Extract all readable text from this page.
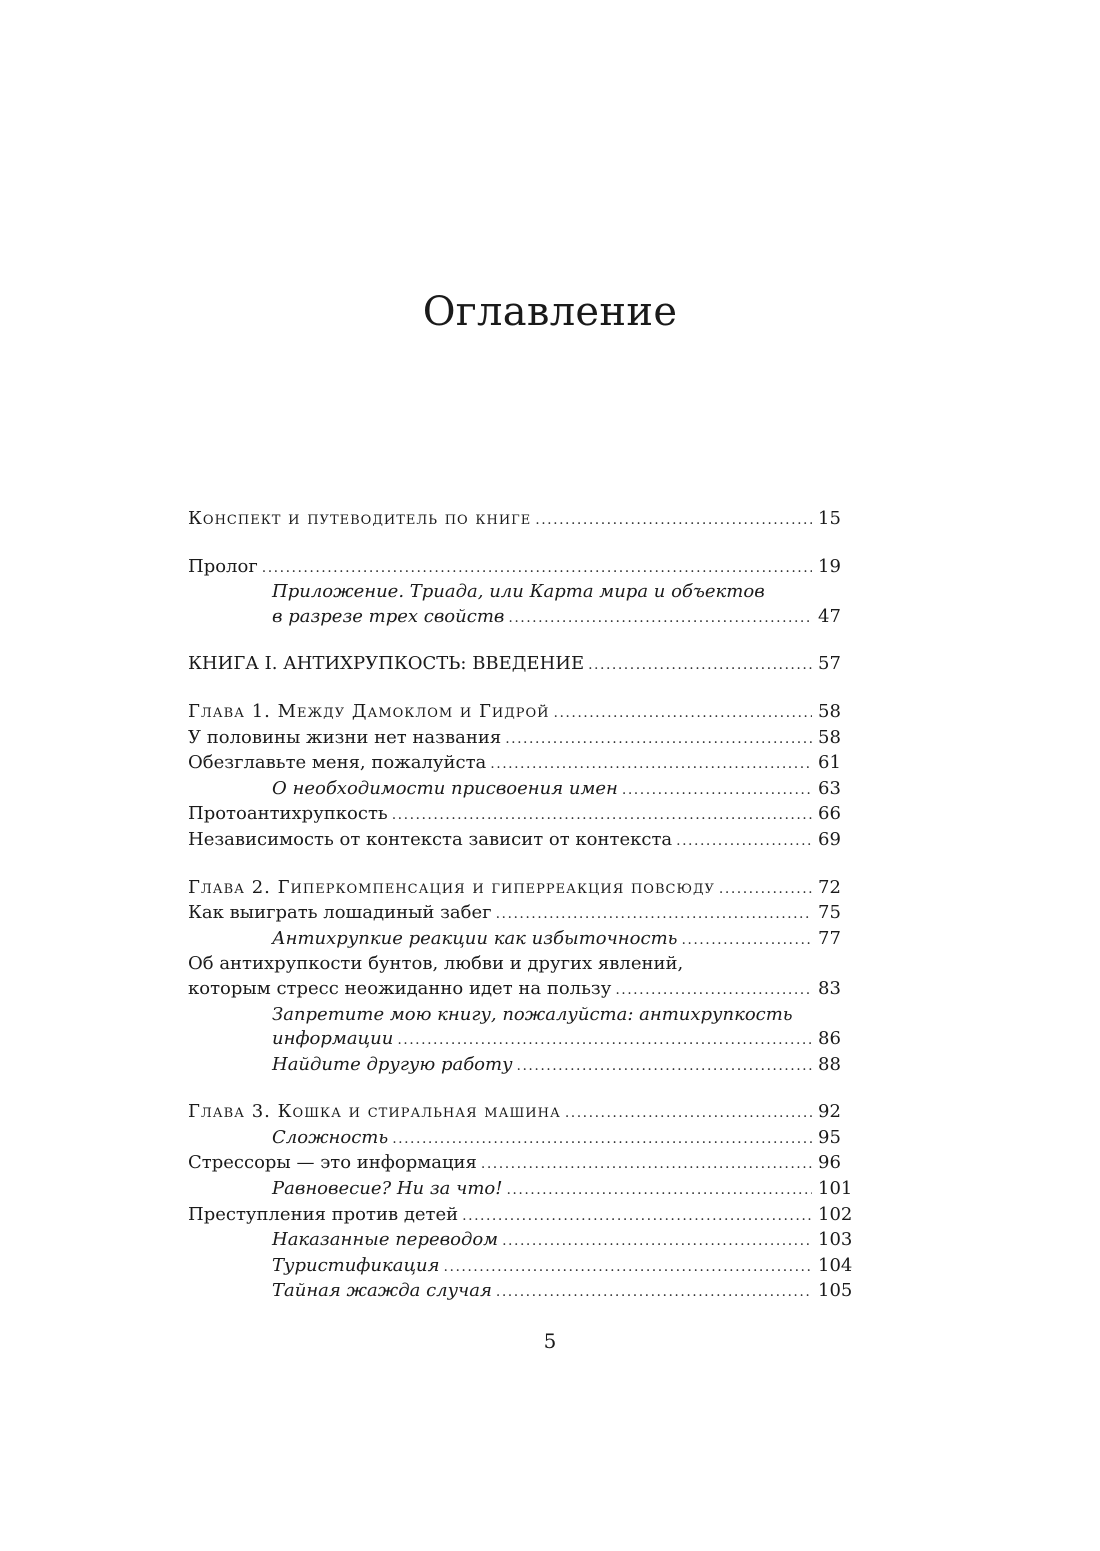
Оглавление
Конспект и путеводитель по книге .....	15
Пролог .....	19
Приложение. Триада, или Карта мира и объектов
в разрезе трех свойств .....	47
КНИГА I. АНТИХРУПКОСТЬ: ВВЕДЕНИЕ .....	57
Глава 1. Между Дамоклом и Гидрой .....	58
У половины жизни нет названия .....	58
Обезглавьте меня, пожалуйста .....	61
О необходимости присвоения имен .....	63
Протоантихрупкость .....	66
Независимость от контекста зависит от контекста .....	69
Глава 2. Гиперкомпенсация и гиперреакция повсюду .....	72
Как выиграть лошадиный забег .....	75
Антихрупкие реакции как избыточность .....	77
Об антихрупкости бунтов, любви и других явлений,
которым стресс неожиданно идет на пользу .....	83
Запретите мою книгу, пожалуйста: антихрупкость
информации .....	86
Найдите другую работу .....	88
Глава 3. Кошка и стиральная машина .....	92
Сложность .....	95
Стрессоры — это информация .....	96
Равновесие? Ни за что! .....	101
Преступления против детей .....	102
Наказанные переводом .....	103
Туристификация .....	104
Тайная жажда случая .....	105
5
